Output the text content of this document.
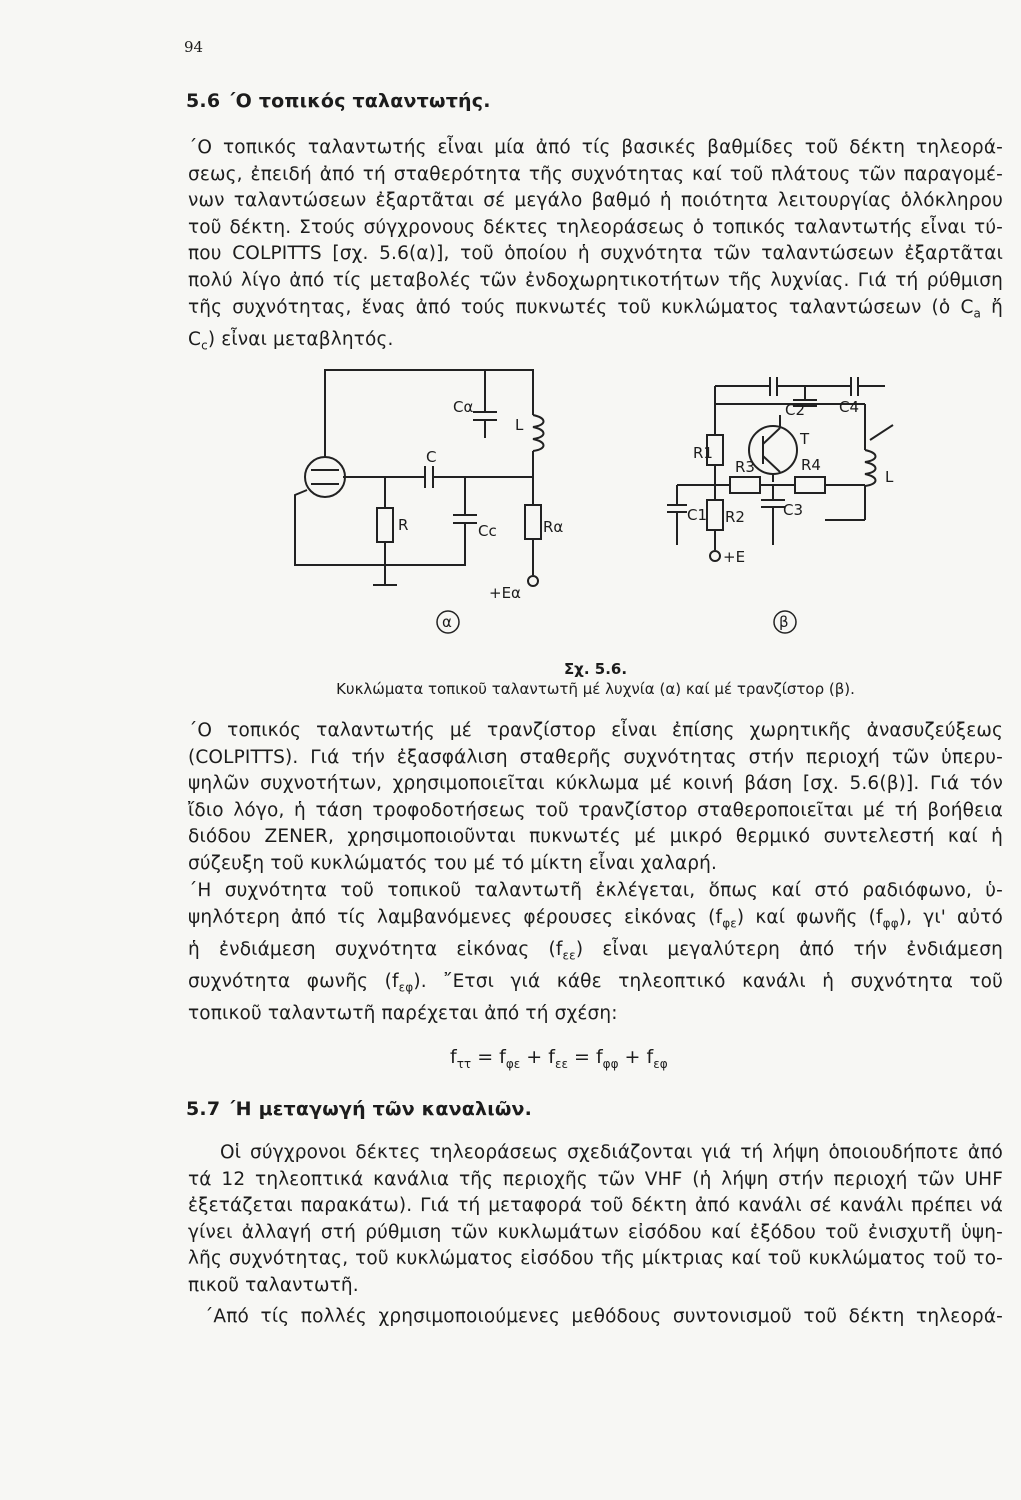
94
5.6 ΄Ο τοπικός ταλαντωτής.
΄Ο τοπικός ταλαντωτής εἶναι μία ἀπό τίς βασικές βαθμίδες τοῦ δέκτη τηλεορά-
σεως, ἐπειδή ἀπό τή σταθερότητα τῆς συχνότητας καί τοῦ πλάτους τῶν παραγομέ-
νων ταλαντώσεων ἐξαρτᾶται σέ μεγάλο βαθμό ἡ ποιότητα λειτουργίας ὁλόκληρου
τοῦ δέκτη. Στούς σύγχρονους δέκτες τηλεοράσεως ὁ τοπικός ταλαντωτής εἶναι τύ-
που COLPITTS [σχ. 5.6(α)], τοῦ ὁποίου ἡ συχνότητα τῶν ταλαντώσεων ἐξαρτᾶται
πολύ λίγο ἀπό τίς μεταβολές τῶν ἐνδοχωρητικοτήτων τῆς λυχνίας. Γιά τή ρύθμιση
τῆς συχνότητας, ἕνας ἀπό τούς πυκνωτές τοῦ κυκλώματος ταλαντώσεων (ὁ $C_a$ ἤ
$C_c$) εἶναι μεταβλητός.
α	β
Cα
L
C
R	Cc	Rα
+Eα
C2 C4
R1
R3	R4
T
L
C1 R2	C3
+E
Σχ. 5.6.
Κυκλώματα τοπικοῦ ταλαντωτῆ μέ λυχνία (α) καί μέ τρανζίστορ (β).
΄Ο τοπικός ταλαντωτής μέ τρανζίστορ εἶναι ἐπίσης χωρητικῆς ἀνασυζεύξεως
(COLPITTS). Γιά τήν ἐξασφάλιση σταθερῆς συχνότητας στήν περιοχή τῶν ὑπερυ-
ψηλῶν συχνοτήτων, χρησιμοποιεῖται κύκλωμα μέ κοινή βάση [σχ. 5.6(β)]. Γιά τόν
ἴδιο λόγο, ἡ τάση τροφοδοτήσεως τοῦ τρανζίστορ σταθεροποιεῖται μέ τή βοήθεια
διόδου ZENER, χρησιμοποιοῦνται πυκνωτές μέ μικρό θερμικό συντελεστή καί ἡ
σύζευξη τοῦ κυκλώματός του μέ τό μίκτη εἶναι χαλαρή.
΄Η συχνότητα τοῦ τοπικοῦ ταλαντωτῆ ἐκλέγεται, ὅπως καί στό ραδιόφωνο, ὑ-
ψηλότερη ἀπό τίς λαμβανόμενες φέρουσες εἰκόνας $(f_{\varphi\varepsilon})$ καί φωνῆς $(f_{\varphi\varphi})$, γι' αὐτό
ἡ ἐνδιάμεση συχνότητα εἰκόνας $(f_{\varepsilon\varepsilon})$ εἶναι μεγαλύτερη ἀπό τήν ἐνδιάμεση
συχνότητα φωνῆς $(f_{\varepsilon\varphi})$. ῎Ετσι γιά κάθε τηλεοπτικό κανάλι ἡ συχνότητα τοῦ
τοπικοῦ ταλαντωτῆ παρέχεται ἀπό τή σχέση:
$f_{\tau\tau} = f_{\varphi\varepsilon} + f_{\varepsilon\varepsilon} = f_{\varphi\varphi} + f_{\varepsilon\varphi}$
5.7 ΄Η μεταγωγή τῶν καναλιῶν.
Οἱ σύγχρονοι δέκτες τηλεοράσεως σχεδιάζονται γιά τή λήψη ὁποιουδήποτε ἀπό
τά 12 τηλεοπτικά κανάλια τῆς περιοχῆς τῶν VHF (ἡ λήψη στήν περιοχή τῶν UHF
ἐξετάζεται παρακάτω). Γιά τή μεταφορά τοῦ δέκτη ἀπό κανάλι σέ κανάλι πρέπει νά
γίνει ἀλλαγή στή ρύθμιση τῶν κυκλωμάτων εἰσόδου καί ἐξόδου τοῦ ἐνισχυτῆ ὑψη-
λῆς συχνότητας, τοῦ κυκλώματος εἰσόδου τῆς μίκτριας καί τοῦ κυκλώματος τοῦ το-
πικοῦ ταλαντωτῆ.
΄Από τίς πολλές χρησιμοποιούμενες μεθόδους συντονισμοῦ τοῦ δέκτη τηλεορά-
